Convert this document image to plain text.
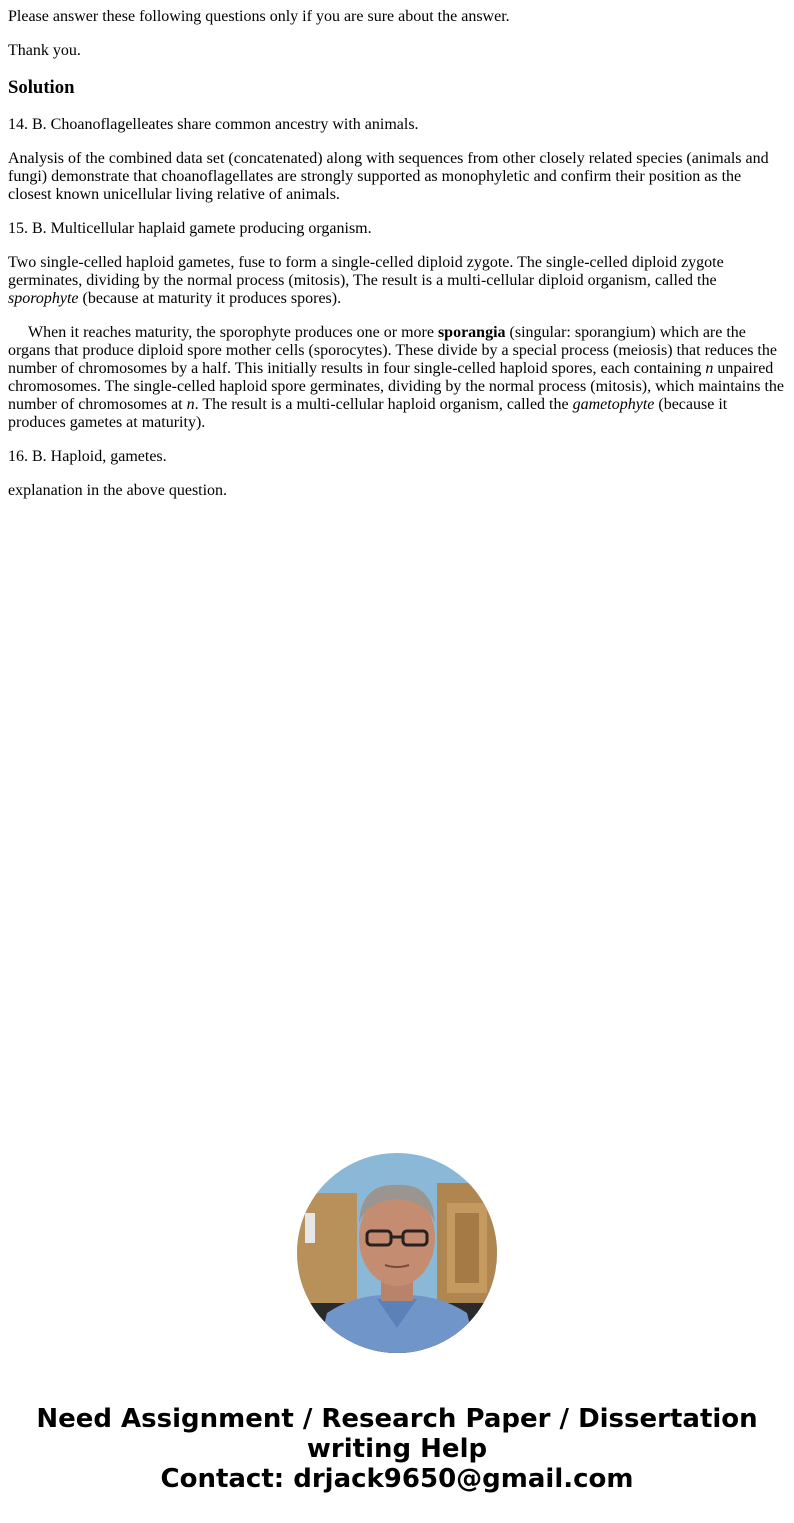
Please answer these following questions only if you are sure about the answer.

Thank you.

Solution

14. B. Choanoflagelleates share common ancestry with animals.

Analysis of the combined data set (concatenated) along with sequences from other closely related species (animals and fungi) demonstrate that choanoflagellates are strongly supported as monophyletic and confirm their position as the closest known unicellular living relative of animals.

15. B. Multicellular haplaid gamete producing organism.

Two single-celled haploid gametes, fuse to form a single-celled diploid zygote. The single-celled diploid zygote germinates, dividing by the normal process (mitosis), The result is a multi-cellular diploid organism, called the sporophyte (because at maturity it produces spores).

When it reaches maturity, the sporophyte produces one or more sporangia (singular: sporangium) which are the organs that produce diploid spore mother cells (sporocytes). These divide by a special process (meiosis) that reduces the number of chromosomes by a half. This initially results in four single-celled haploid spores, each containing n unpaired chromosomes. The single-celled haploid spore germinates, dividing by the normal process (mitosis), which maintains the number of chromosomes at n. The result is a multi-cellular haploid organism, called the gametophyte (because it produces gametes at maturity).

16. B. Haploid, gametes.

explanation in the above question.

Need Assignment / Research Paper / Dissertation
writing Help
Contact: drjack9650@gmail.com
